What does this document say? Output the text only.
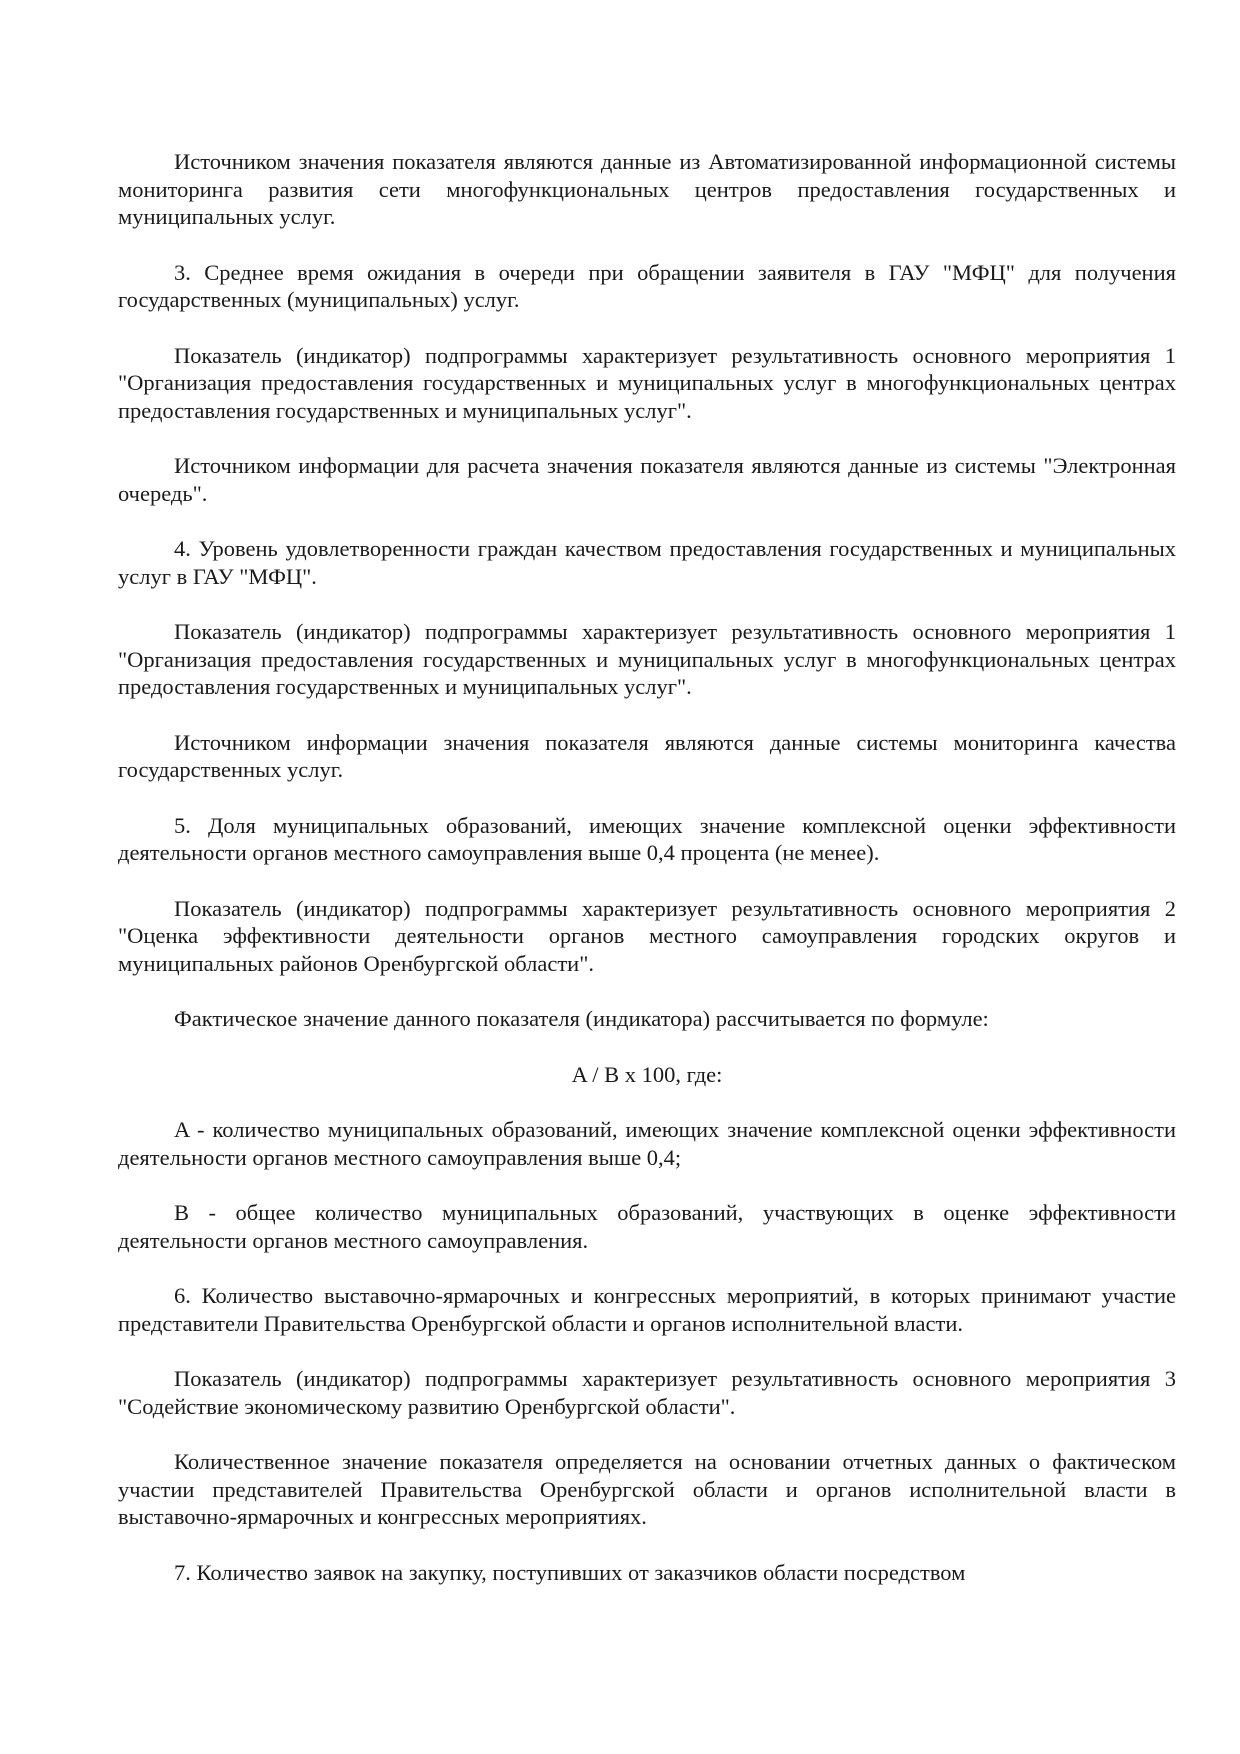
Источником значения показателя являются данные из Автоматизированной информационной системы мониторинга развития сети многофункциональных центров предоставления государственных и муниципальных услуг.

3. Среднее время ожидания в очереди при обращении заявителя в ГАУ "МФЦ" для получения государственных (муниципальных) услуг.

Показатель (индикатор) подпрограммы характеризует результативность основного мероприятия 1 "Организация предоставления государственных и муниципальных услуг в многофункциональных центрах предоставления государственных и муниципальных услуг".

Источником информации для расчета значения показателя являются данные из системы "Электронная очередь".

4. Уровень удовлетворенности граждан качеством предоставления государственных и муниципальных услуг в ГАУ "МФЦ".

Показатель (индикатор) подпрограммы характеризует результативность основного мероприятия 1 "Организация предоставления государственных и муниципальных услуг в многофункциональных центрах предоставления государственных и муниципальных услуг".

Источником информации значения показателя являются данные системы мониторинга качества государственных услуг.

5. Доля муниципальных образований, имеющих значение комплексной оценки эффективности деятельности органов местного самоуправления выше 0,4 процента (не менее).

Показатель (индикатор) подпрограммы характеризует результативность основного мероприятия 2 "Оценка эффективности деятельности органов местного самоуправления городских округов и муниципальных районов Оренбургской области".

Фактическое значение данного показателя (индикатора) рассчитывается по формуле:

A / B x 100, где:

A - количество муниципальных образований, имеющих значение комплексной оценки эффективности деятельности органов местного самоуправления выше 0,4;

B - общее количество муниципальных образований, участвующих в оценке эффективности деятельности органов местного самоуправления.

6. Количество выставочно-ярмарочных и конгрессных мероприятий, в которых принимают участие представители Правительства Оренбургской области и органов исполнительной власти.

Показатель (индикатор) подпрограммы характеризует результативность основного мероприятия 3 "Содействие экономическому развитию Оренбургской области".

Количественное значение показателя определяется на основании отчетных данных о фактическом участии представителей Правительства Оренбургской области и органов исполнительной власти в выставочно-ярмарочных и конгрессных мероприятиях.

7. Количество заявок на закупку, поступивших от заказчиков области посредством
